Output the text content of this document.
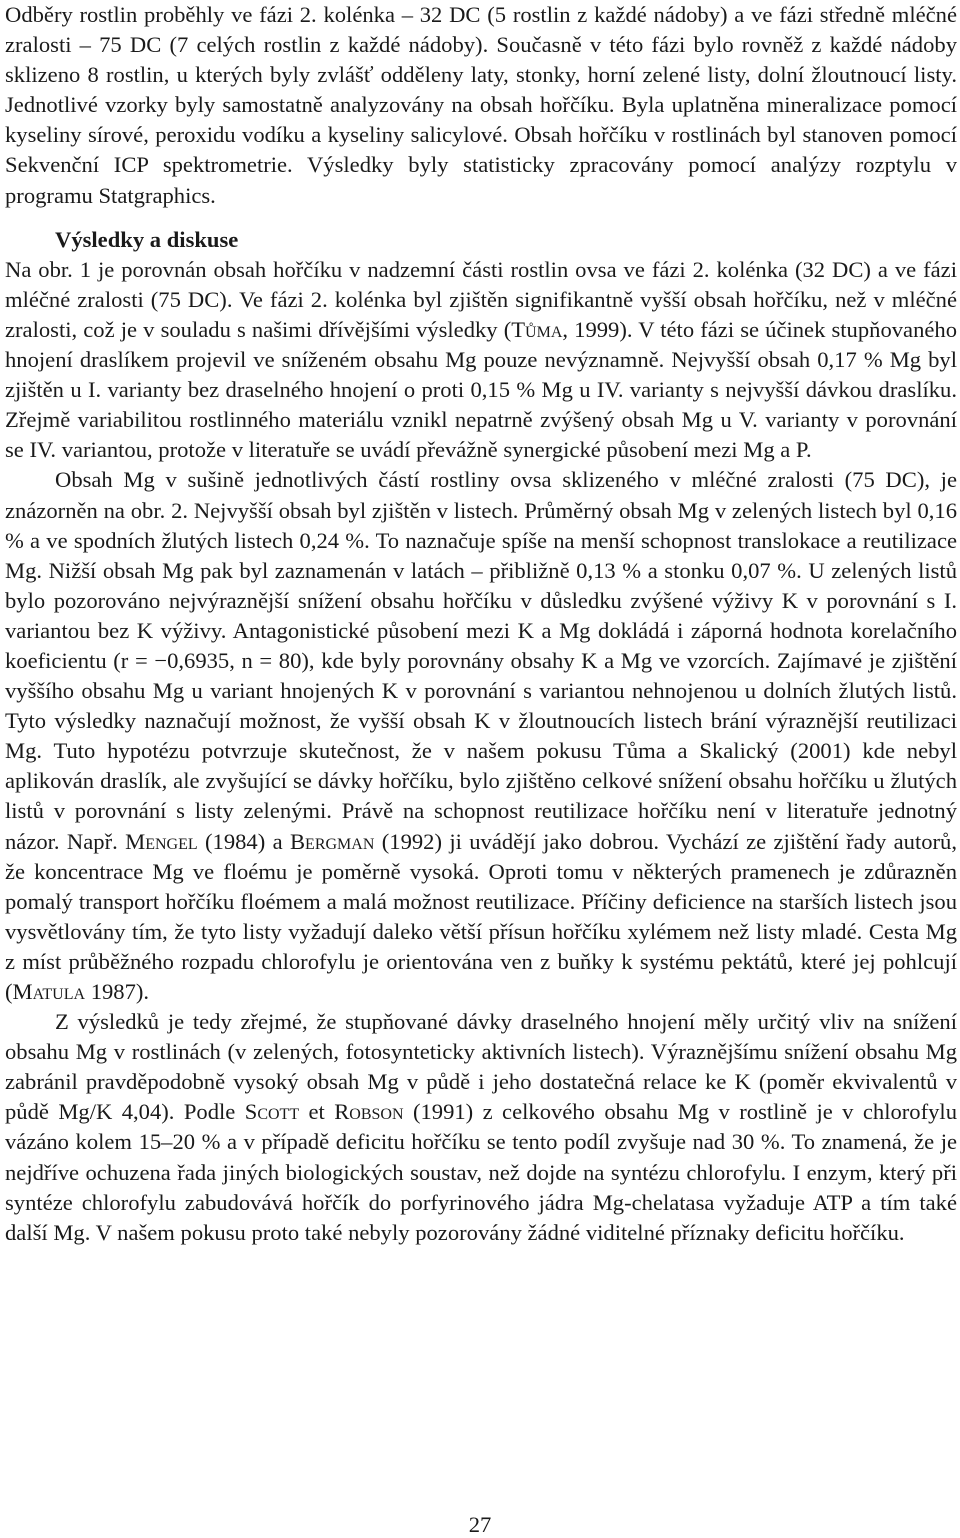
Odběry rostlin proběhly ve fázi 2. kolénka – 32 DC (5 rostlin z každé nádoby) a ve fázi středně mléčné zralosti – 75 DC (7 celých rostlin z každé nádoby). Současně v této fázi bylo rovněž z každé nádoby sklizeno 8 rostlin, u kterých byly zvlášť odděleny laty, stonky, horní zelené listy, dolní žloutnoucí listy. Jednotlivé vzorky byly samostatně analyzovány na obsah hořčíku. Byla uplatněna mineralizace pomocí kyseliny sírové, peroxidu vodíku a kyseliny salicylové. Obsah hořčíku v rostlinách byl stanoven pomocí Sekvenční ICP spektrometrie. Výsledky byly statisticky zpracovány pomocí analýzy rozptylu v programu Statgraphics.

Výsledky a diskuse

Na obr. 1 je porovnán obsah hořčíku v nadzemní části rostlin ovsa ve fázi 2. kolénka (32 DC) a ve fázi mléčné zralosti (75 DC). Ve fázi 2. kolénka byl zjištěn signifikantně vyšší obsah hořčíku, než v mléčné zralosti, což je v souladu s našimi dřívějšími výsledky (Tůma, 1999). V této fázi se účinek stupňovaného hnojení draslíkem projevil ve sníženém obsahu Mg pouze nevýznamně. Nejvyšší obsah 0,17 % Mg byl zjištěn u I. varianty bez draselného hnojení o proti 0,15 % Mg u IV. varianty s nejvyšší dávkou draslíku. Zřejmě variabilitou rostlinného materiálu vznikl nepatrně zvýšený obsah Mg u V. varianty v porovnání se IV. variantou, protože v literatuře se uvádí převážně synergické působení mezi Mg a P.

Obsah Mg v sušině jednotlivých částí rostliny ovsa sklizeného v mléčné zralosti (75 DC), je znázorněn na obr. 2. Nejvyšší obsah byl zjištěn v listech. Průměrný obsah Mg v zelených listech byl 0,16 % a ve spodních žlutých listech 0,24 %. To naznačuje spíše na menší schopnost translokace a reutilizace Mg. Nižší obsah Mg pak byl zaznamenán v latách – přibližně 0,13 % a stonku 0,07 %. U zelených listů bylo pozorováno nejvýraznější snížení obsahu hořčíku v důsledku zvýšené výživy K v porovnání s I. variantou bez K výživy. Antagonistické působení mezi K a Mg dokládá i záporná hodnota korelačního koeficientu (r = −0,6935, n = 80), kde byly porovnány obsahy K a Mg ve vzorcích. Zajímavé je zjištění vyššího obsahu Mg u variant hnojených K v porovnání s variantou nehnojenou u dolních žlutých listů. Tyto výsledky naznačují možnost, že vyšší obsah K v žloutnoucích listech brání výraznější reutilizaci Mg. Tuto hypotézu potvrzuje skutečnost, že v našem pokusu Tůma a Skalický (2001) kde nebyl aplikován draslík, ale zvyšující se dávky hořčíku, bylo zjištěno celkové snížení obsahu hořčíku u žlutých listů v porovnání s listy zelenými. Právě na schopnost reutilizace hořčíku není v literatuře jednotný názor. Např. Mengel (1984) a Bergman (1992) ji uvádějí jako dobrou. Vychází ze zjištění řady autorů, že koncentrace Mg ve floému je poměrně vysoká. Oproti tomu v některých pramenech je zdůrazněn pomalý transport hořčíku floémem a malá možnost reutilizace. Příčiny deficience na starších listech jsou vysvětlovány tím, že tyto listy vyžadují daleko větší přísun hořčíku xylémem než listy mladé. Cesta Mg z míst průběžného rozpadu chlorofylu je orientována ven z buňky k systému pektátů, které jej pohlcují (Matula 1987).

Z výsledků je tedy zřejmé, že stupňované dávky draselného hnojení měly určitý vliv na snížení obsahu Mg v rostlinách (v zelených, fotosynteticky aktivních listech). Výraznějšímu snížení obsahu Mg zabránil pravděpodobně vysoký obsah Mg v půdě i jeho dostatečná relace ke K (poměr ekvivalentů v půdě Mg/K 4,04). Podle Scott et Robson (1991) z celkového obsahu Mg v rostlině je v chlorofylu vázáno kolem 15–20 % a v případě deficitu hořčíku se tento podíl zvyšuje nad 30 %. To znamená, že je nejdříve ochuzena řada jiných biologických soustav, než dojde na syntézu chlorofylu. I enzym, který při syntéze chlorofylu zabudovává hořčík do porfyrinového jádra Mg-chelatasa vyžaduje ATP a tím také další Mg. V našem pokusu proto také nebyly pozorovány žádné viditelné příznaky deficitu hořčíku.

27
